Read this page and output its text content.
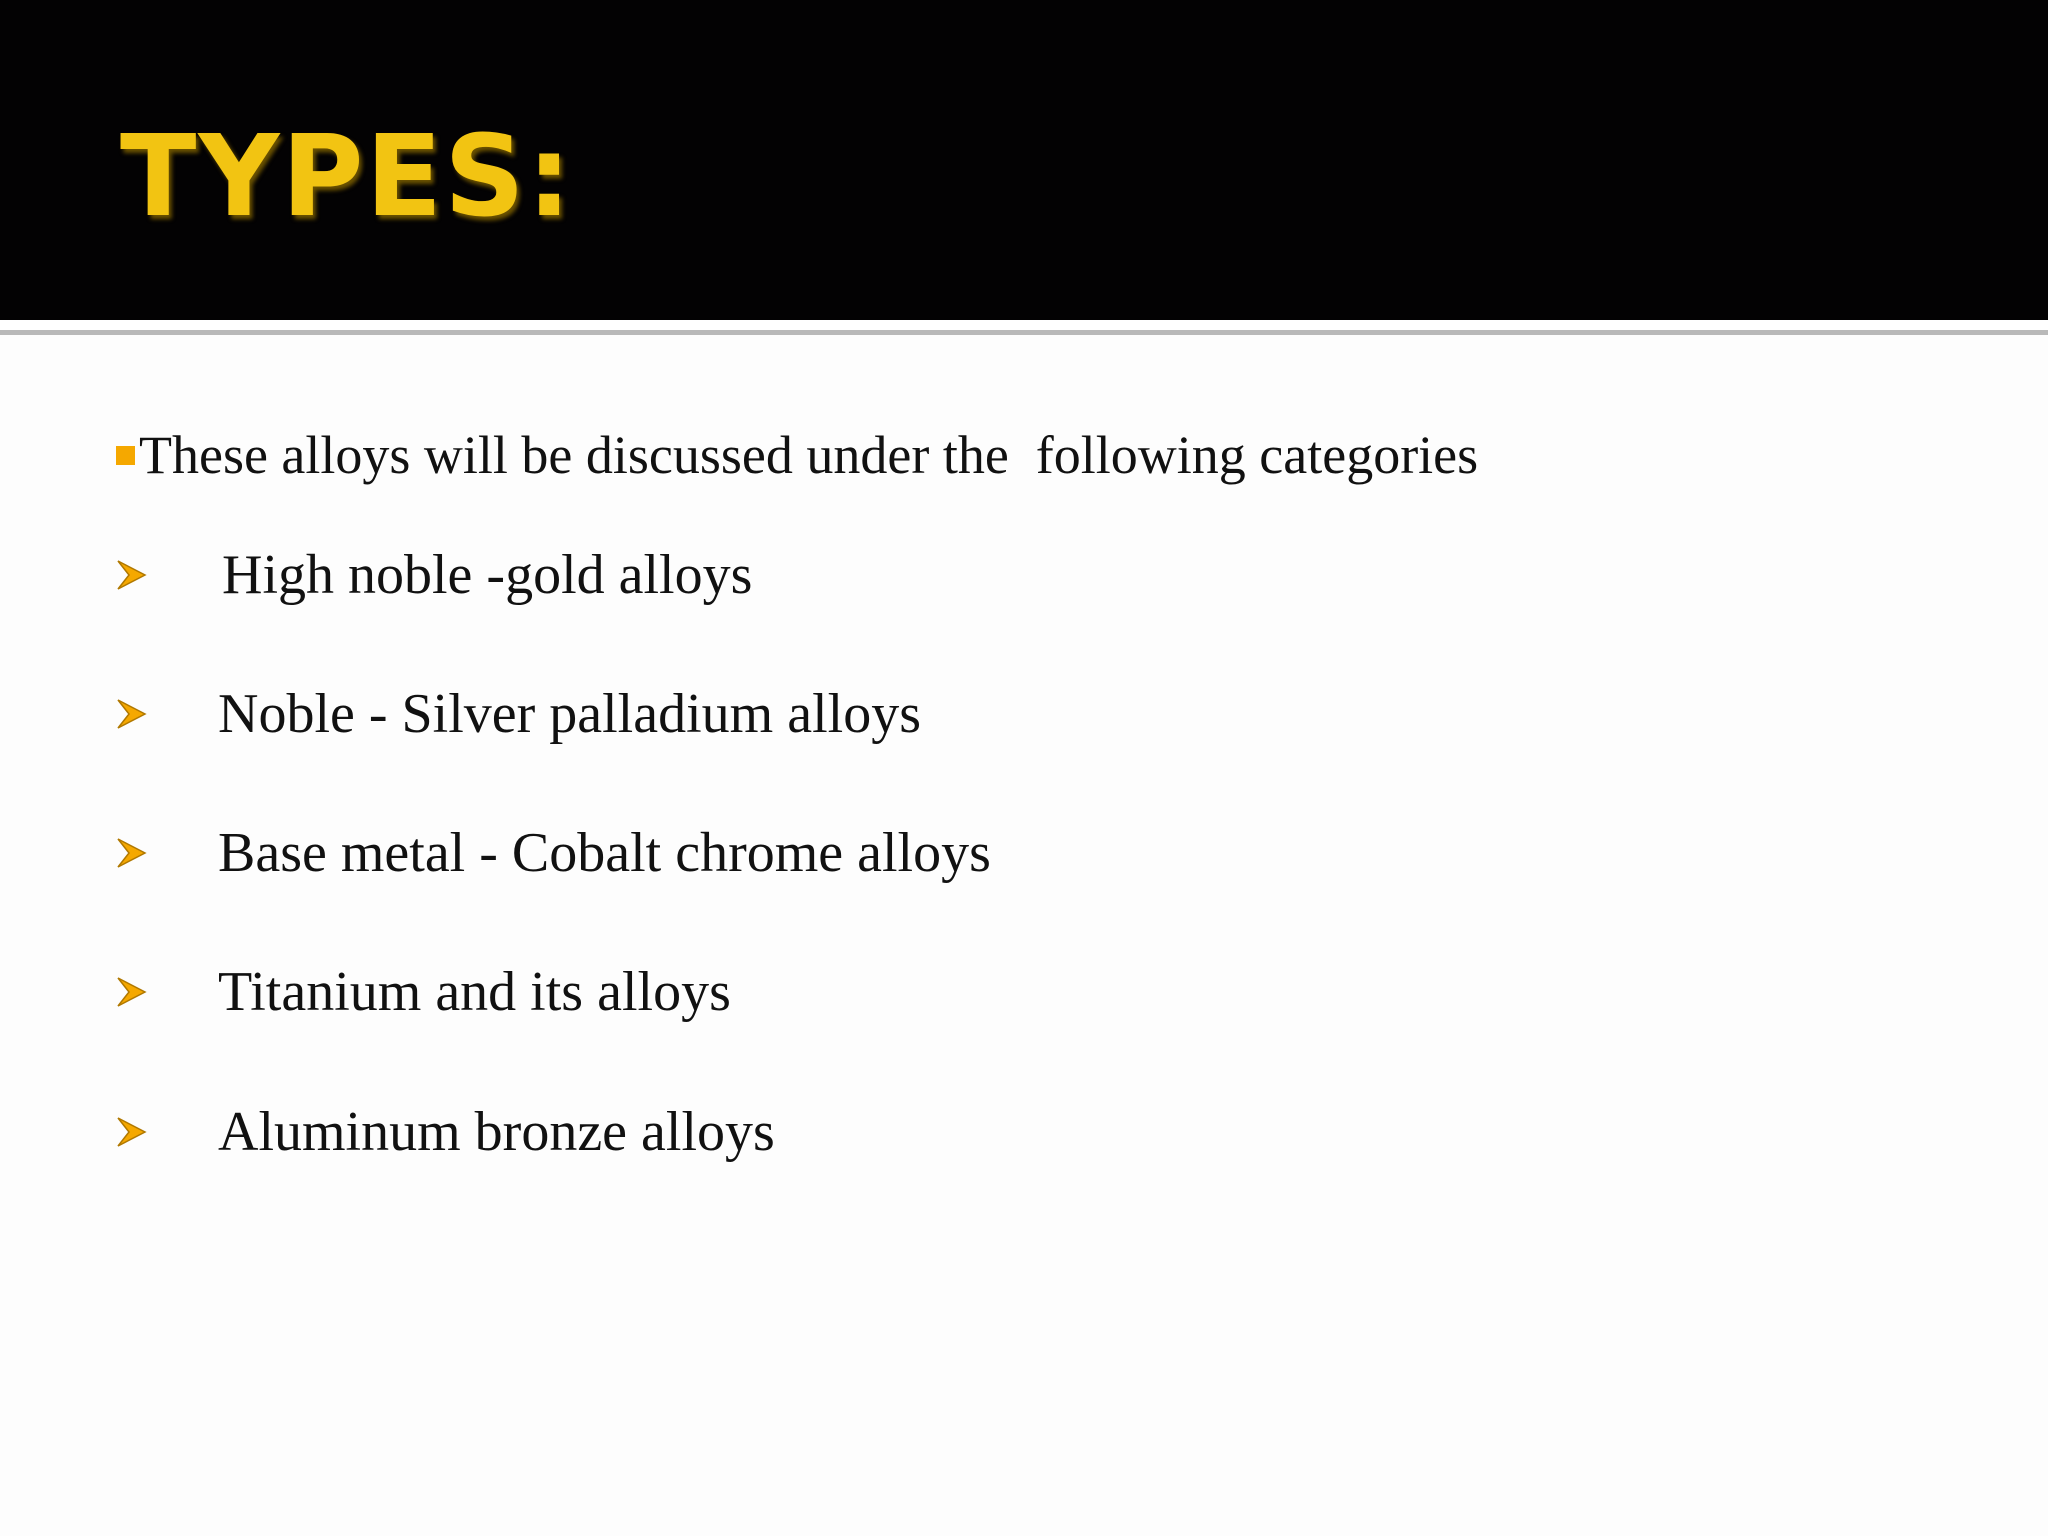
TYPES:
These alloys will be discussed under the  following categories
High noble -gold alloys
Noble - Silver palladium alloys
Base metal - Cobalt chrome alloys
Titanium and its alloys
Aluminum bronze alloys
